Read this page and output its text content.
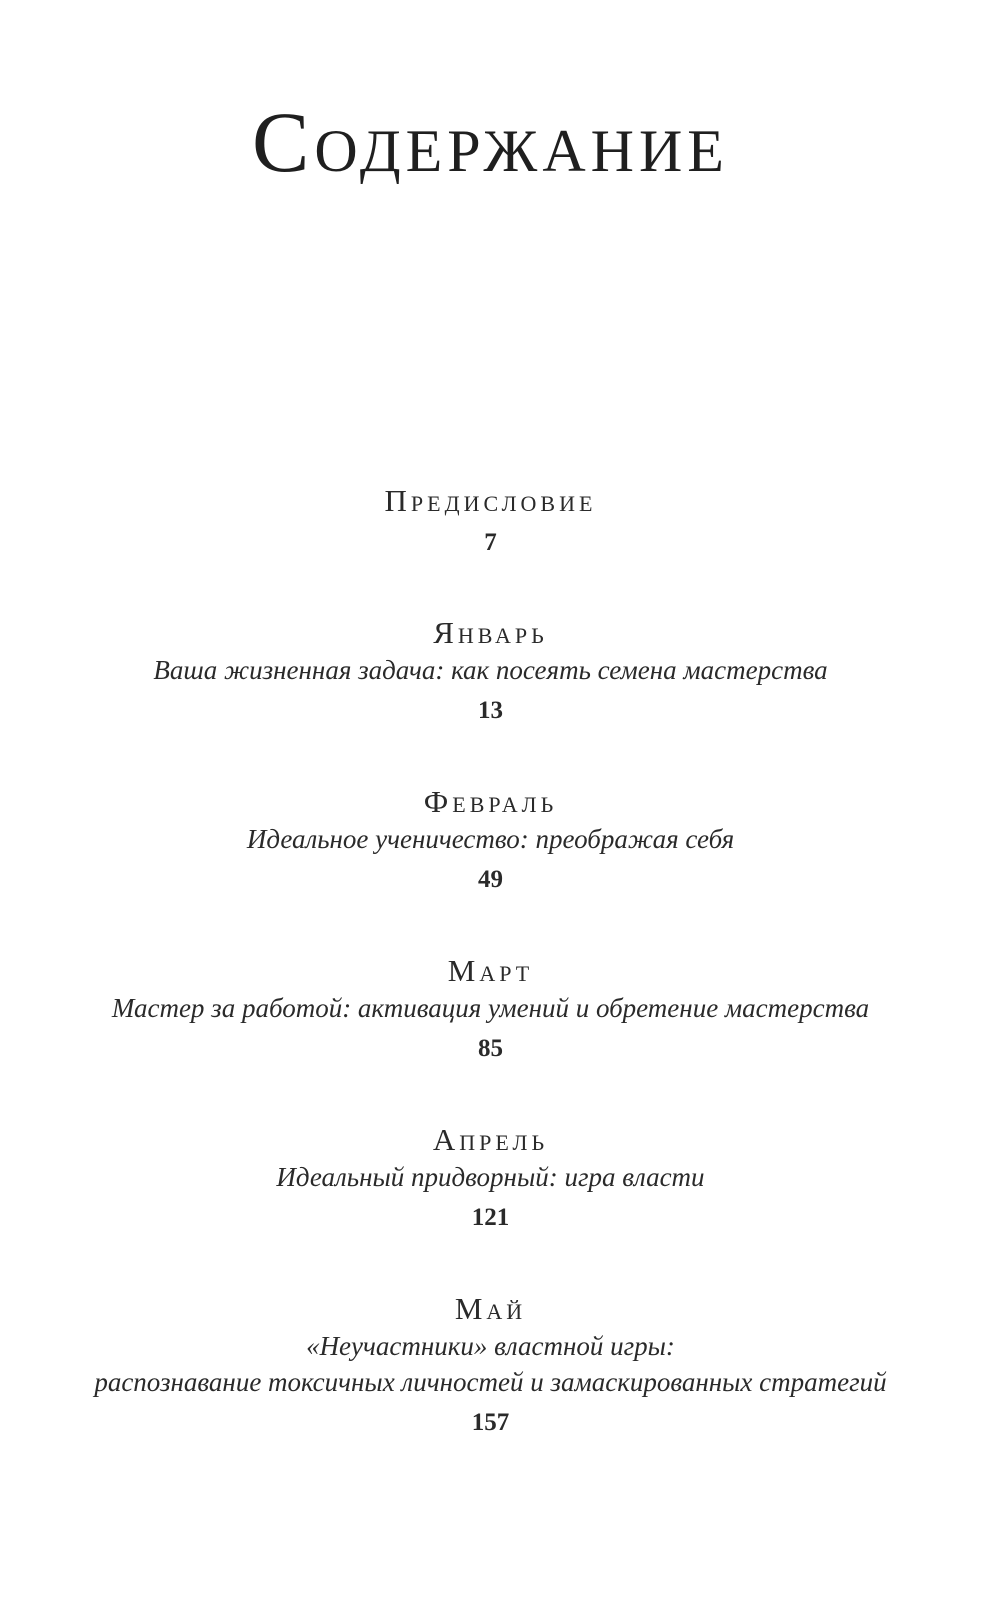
Содержание
Предисловие
7
Январь
Ваша жизненная задача: как посеять семена мастерства
13
Февраль
Идеальное ученичество: преображая себя
49
Март
Мастер за работой: активация умений и обретение мастерства
85
Апрель
Идеальный придворный: игра власти
121
Май
«Неучастники» властной игры:
распознавание токсичных личностей и замаскированных стратегий
157
